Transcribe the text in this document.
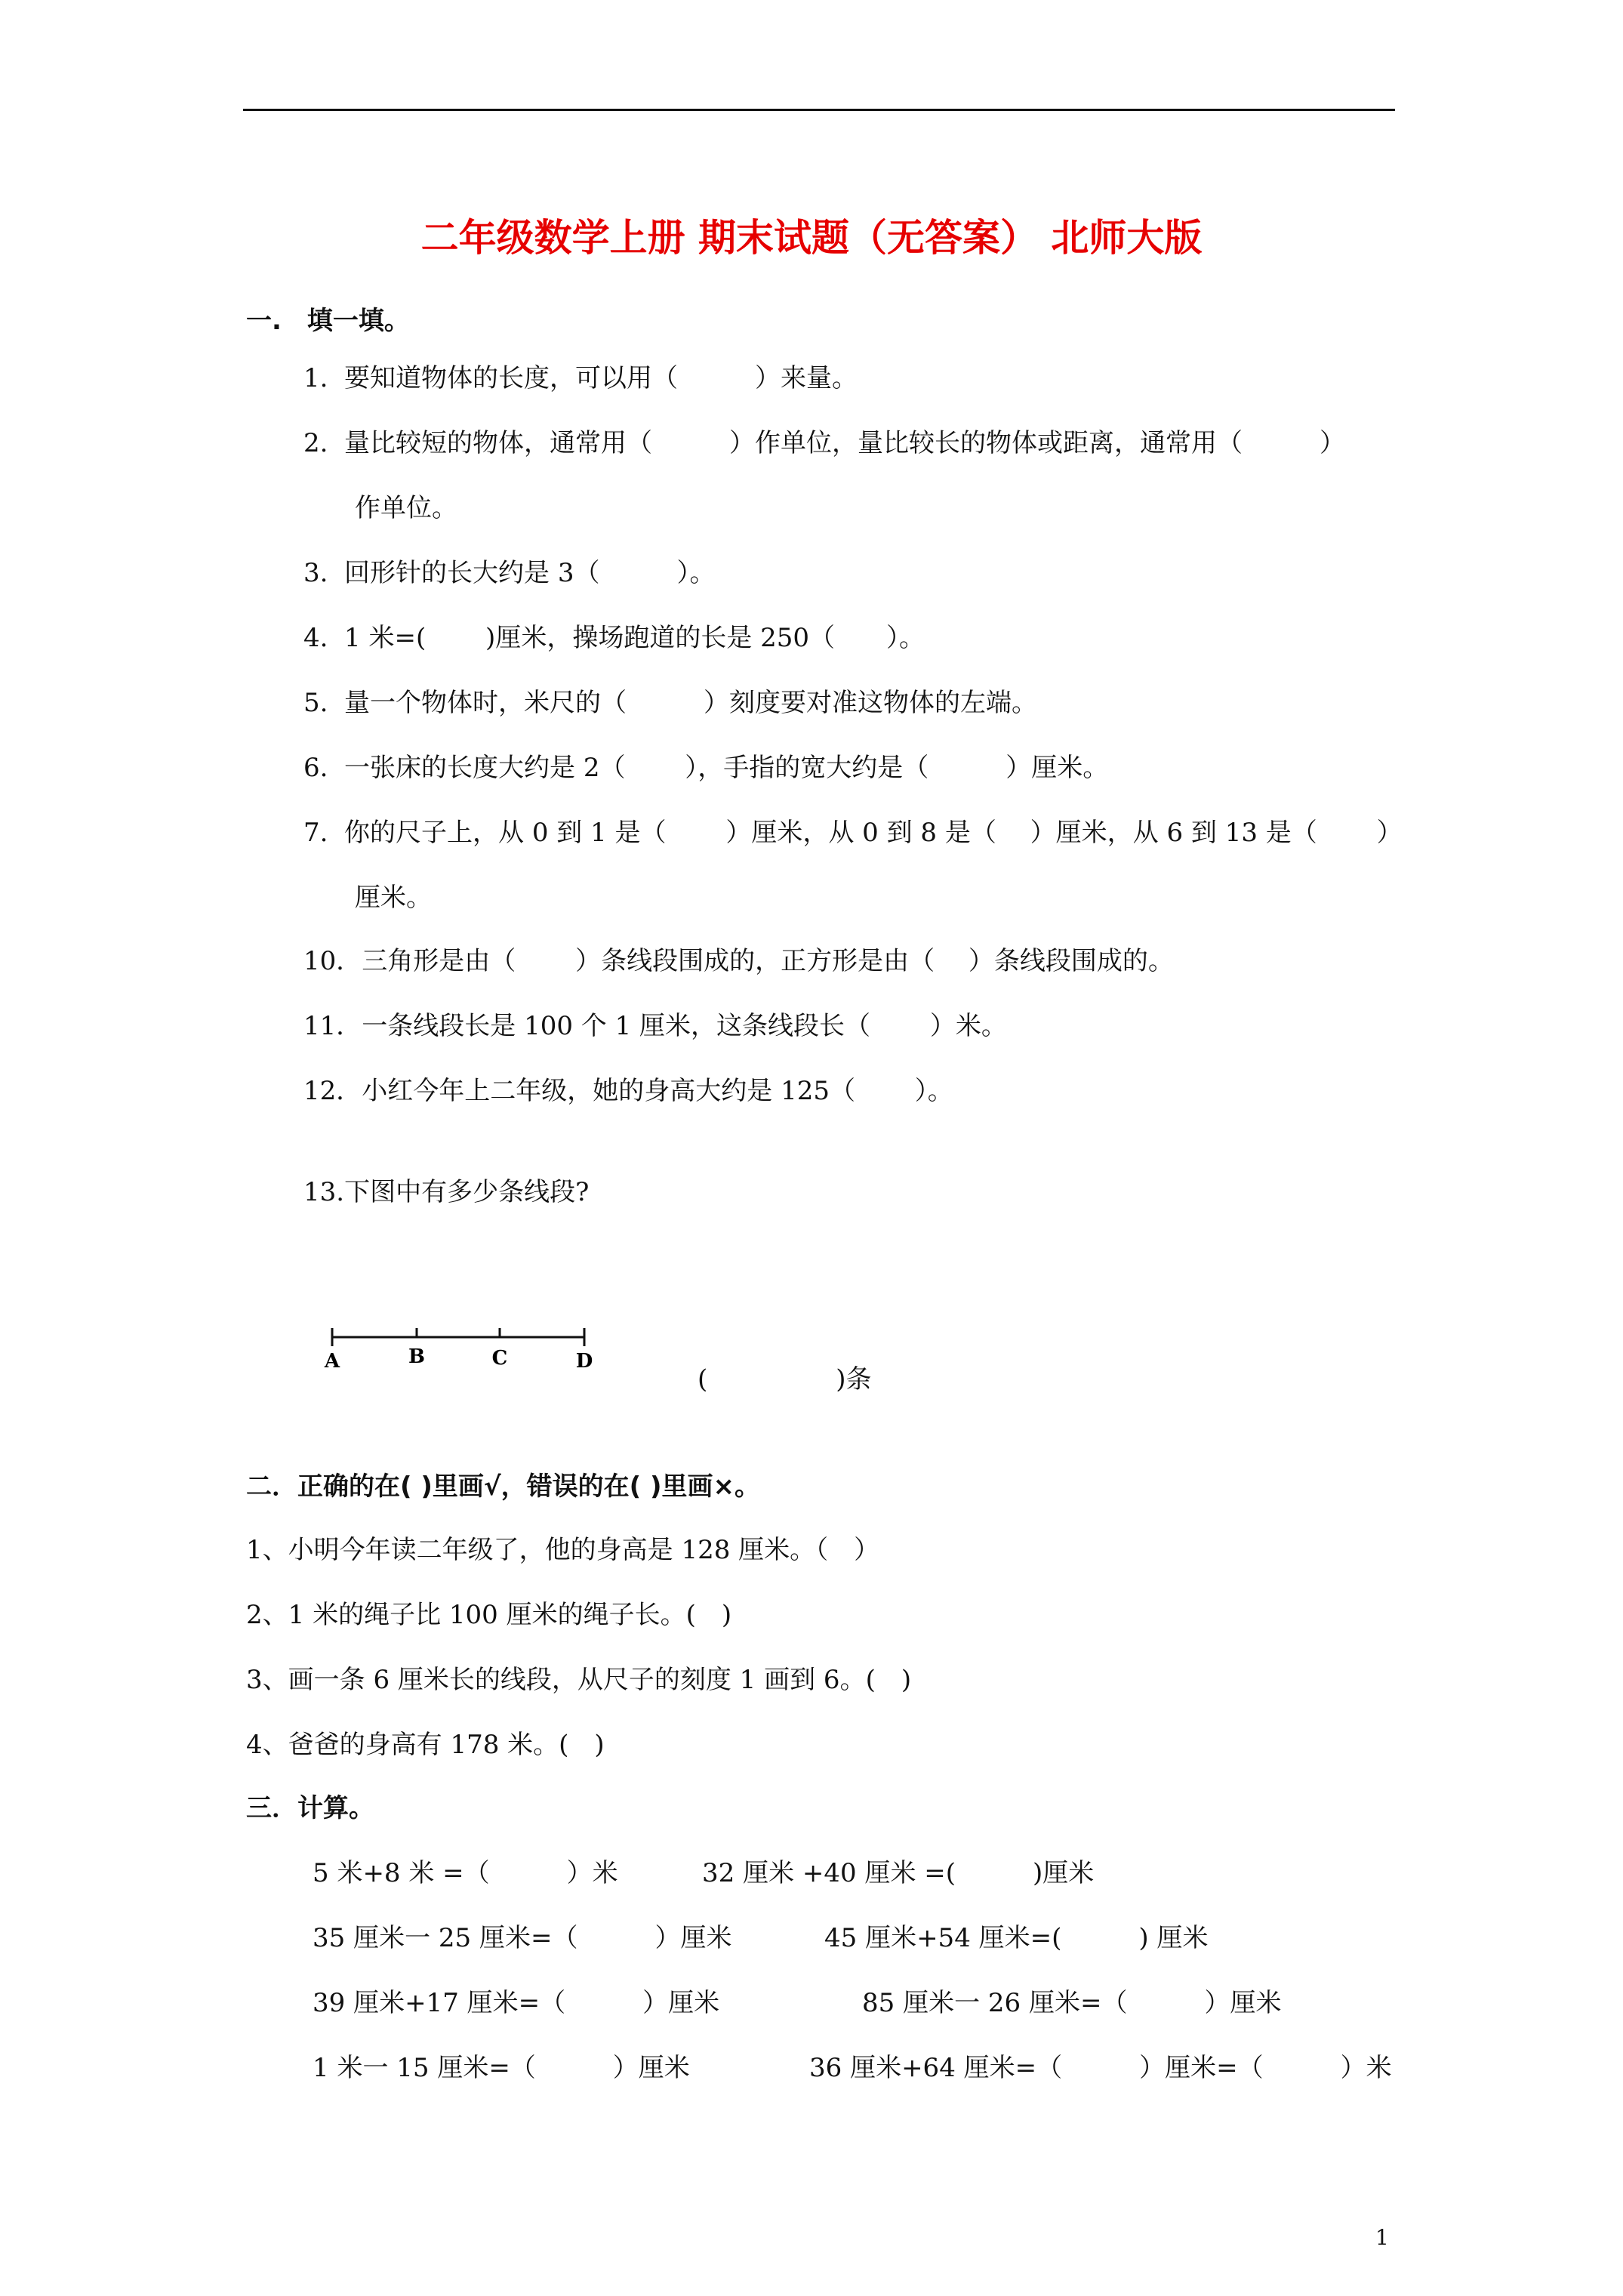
二年级数学上册 期末试题（无答案） 北师大版
一.　填一填。
1.  要知道物体的长度，可以用（　　　）来量。
2.  量比较短的物体，通常用（　　　）作单位，量比较长的物体或距离，通常用（　　　）
作单位。
3.  回形针的长大约是 3（　　　）。
4.  1 米=(　　 )厘米，操场跑道的长是 250（　　）。
5.  量一个物体时，米尺的（　　　）刻度要对准这物体的左端。
6.  一张床的长度大约是 2（　　 ），手指的宽大约是（　　　）厘米。
7.  你的尺子上，从 0 到 1 是（　　 ）厘米，从 0 到 8 是（　 ）厘米，从 6 到 13 是（　　 ）
厘米。
10．三角形是由（　　 ）条线段围成的，正方形是由（　 ）条线段围成的。
11．一条线段长是 100 个 1 厘米，这条线段长（　　 ）米。
12．小红今年上二年级，她的身高大约是 125（　　 ）。
13.下图中有多少条线段?
A	B	C	D
(　　　　　)条
二．正确的在( )里画√，错误的在( )里画×。
1、小明今年读二年级了，他的身高是 128 厘米。（　）
2、1 米的绳子比 100 厘米的绳子长。(　)
3、画一条 6 厘米长的线段，从尺子的刻度 1 画到 6。(　)
4、爸爸的身高有 178 米。(　)
三．计算。
5 米+8 米 =（　　　）米	32 厘米 +40 厘米 =(　　　)厘米
35 厘米一 25 厘米=（　　　）厘米	45 厘米+54 厘米=(　　　) 厘米
39 厘米+17 厘米=（　　　）厘米	85 厘米一 26 厘米=（　　　）厘米
1 米一 15 厘米=（　　　）厘米	36 厘米+64 厘米=（　　　）厘米=（　　　）米
1
